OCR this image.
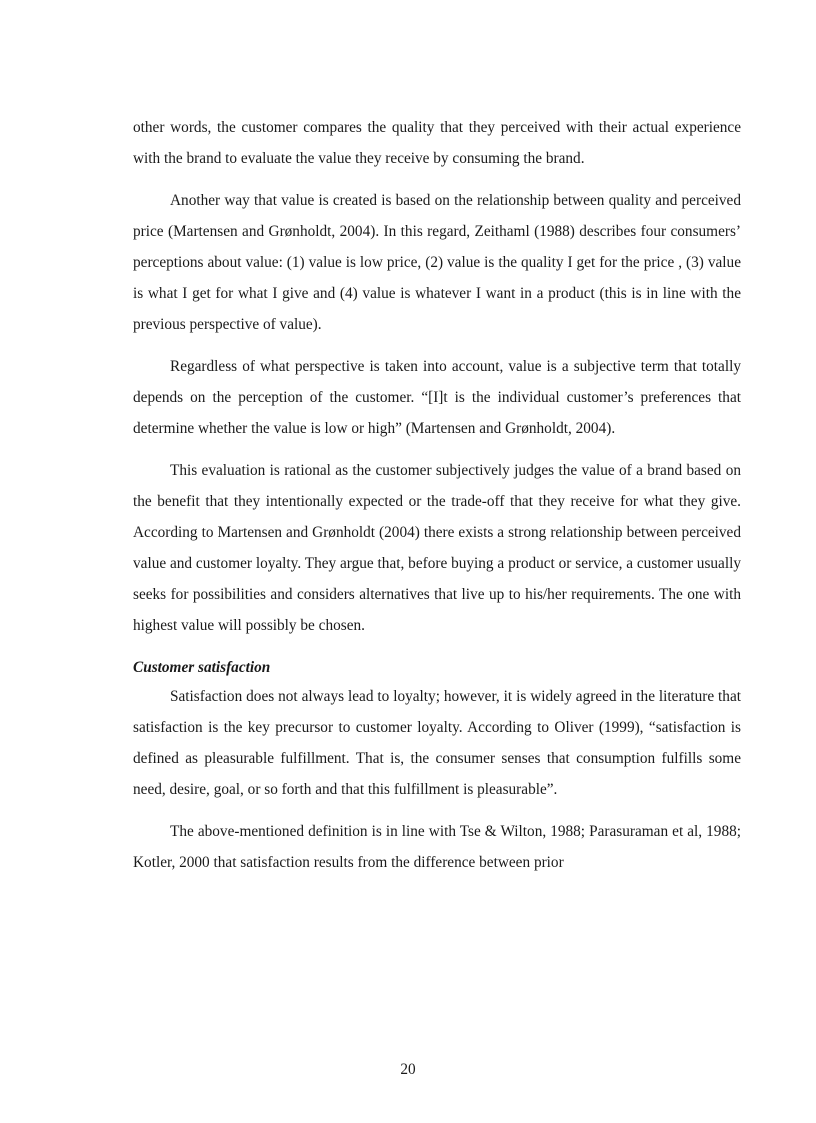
other words, the customer compares the quality that they perceived with their actual experience with the brand to evaluate the value they receive by consuming the brand.

Another way that value is created is based on the relationship between quality and perceived price (Martensen and Grønholdt, 2004). In this regard, Zeithaml (1988) describes four consumers’ perceptions about value: (1) value is low price, (2) value is the quality I get for the price , (3) value is what I get for what I give and (4) value is whatever I want in a product (this is in line with the previous perspective of value).

Regardless of what perspective is taken into account, value is a subjective term that totally depends on the perception of the customer. “[I]t is the individual customer’s preferences that determine whether the value is low or high” (Martensen and Grønholdt, 2004).

This evaluation is rational as the customer subjectively judges the value of a brand based on the benefit that they intentionally expected or the trade-off that they receive for what they give. According to Martensen and Grønholdt (2004) there exists a strong relationship between perceived value and customer loyalty. They argue that, before buying a product or service, a customer usually seeks for possibilities and considers alternatives that live up to his/her requirements. The one with highest value will possibly be chosen.

Customer satisfaction

Satisfaction does not always lead to loyalty; however, it is widely agreed in the literature that satisfaction is the key precursor to customer loyalty. According to Oliver (1999), “satisfaction is defined as pleasurable fulfillment. That is, the consumer senses that consumption fulfills some need, desire, goal, or so forth and that this fulfillment is pleasurable”.

The above-mentioned definition is in line with Tse & Wilton, 1988; Parasuraman et al, 1988; Kotler, 2000 that satisfaction results from the difference between prior

20
